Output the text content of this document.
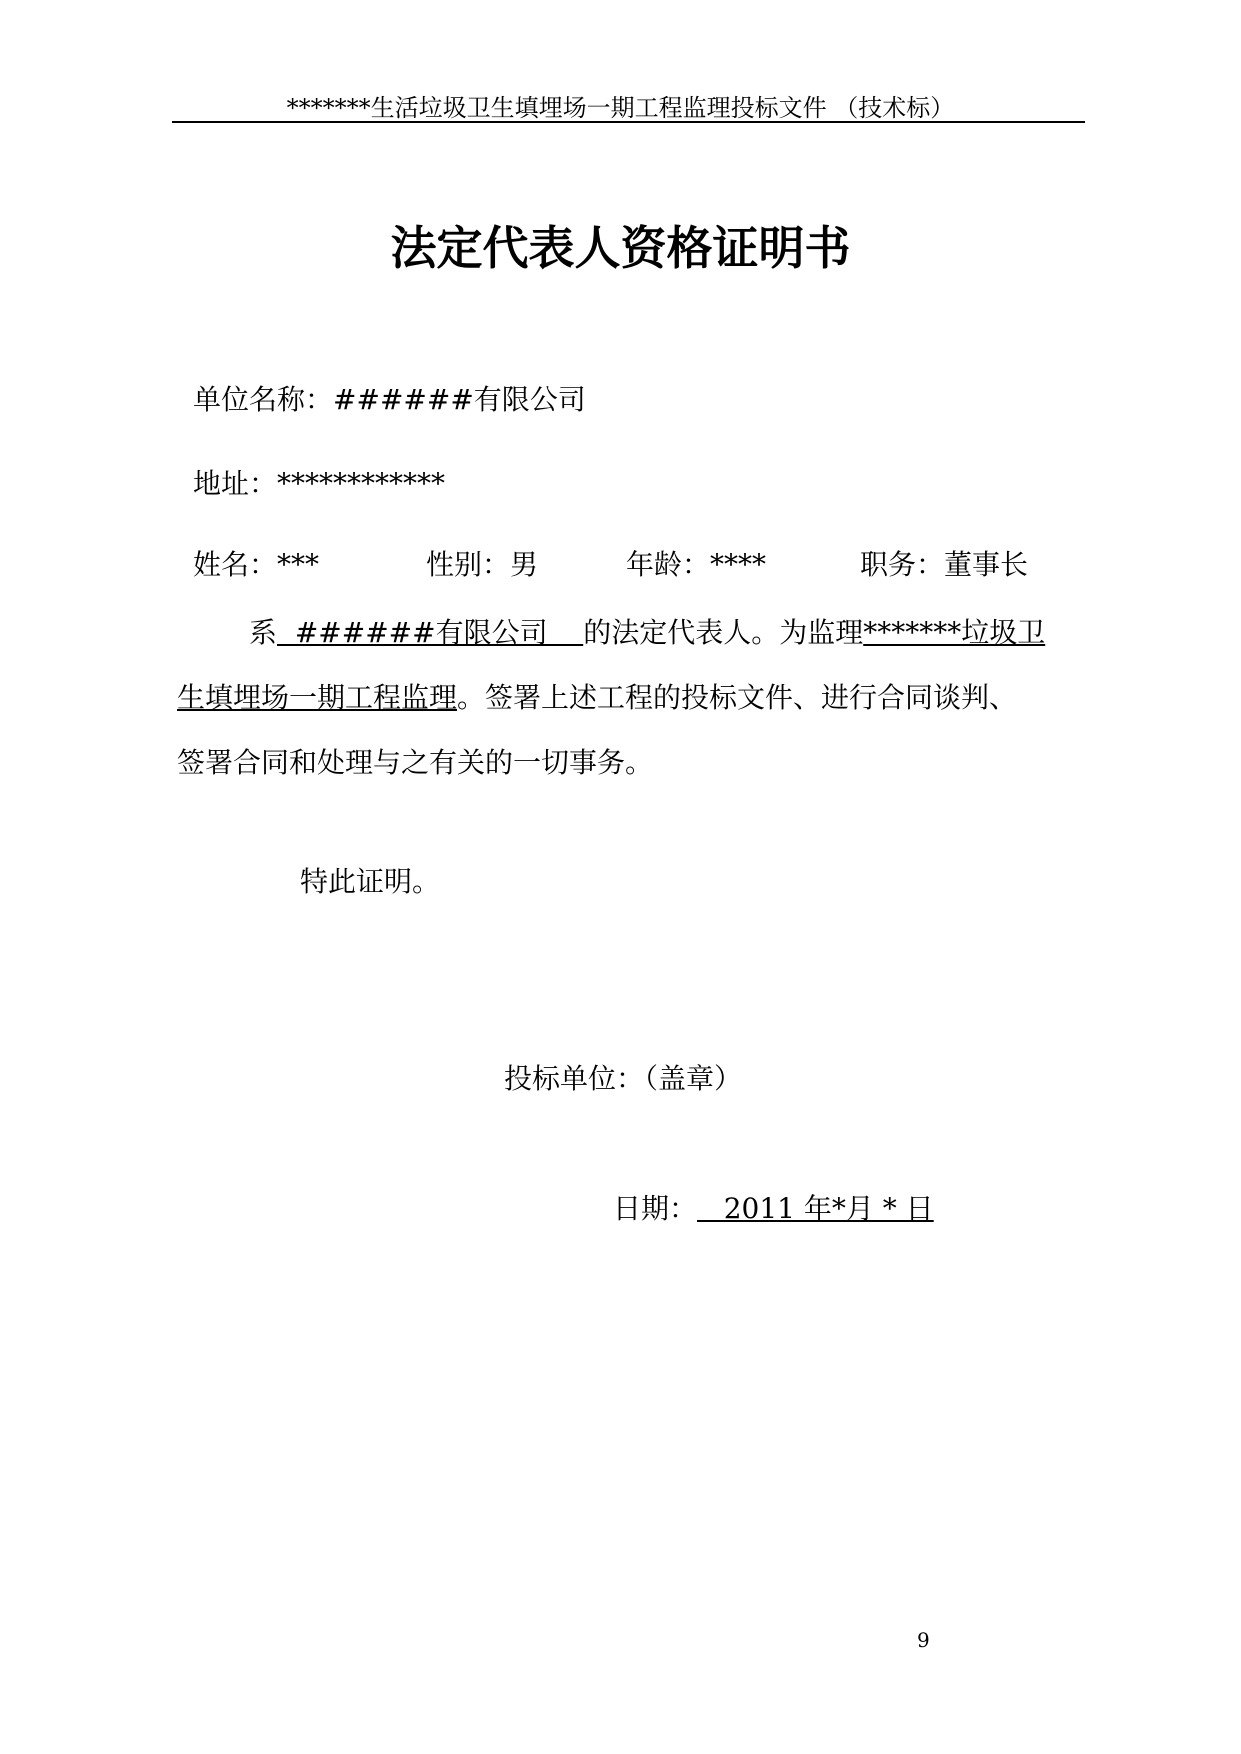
*******生活垃圾卫生填埋场一期工程监理投标文件 （技术标）
法定代表人资格证明书
单位名称：######有限公司
地址：************
姓名：***	性别：男	年龄：****	职务：董事长
系  ######有限公司    的法定代表人。为监理*******垃圾卫
生填埋场一期工程监理。签署上述工程的投标文件、进行合同谈判、
签署合同和处理与之有关的一切事务。
特此证明。
投标单位：（盖章）
日期：   2011 年*月 * 日
9
